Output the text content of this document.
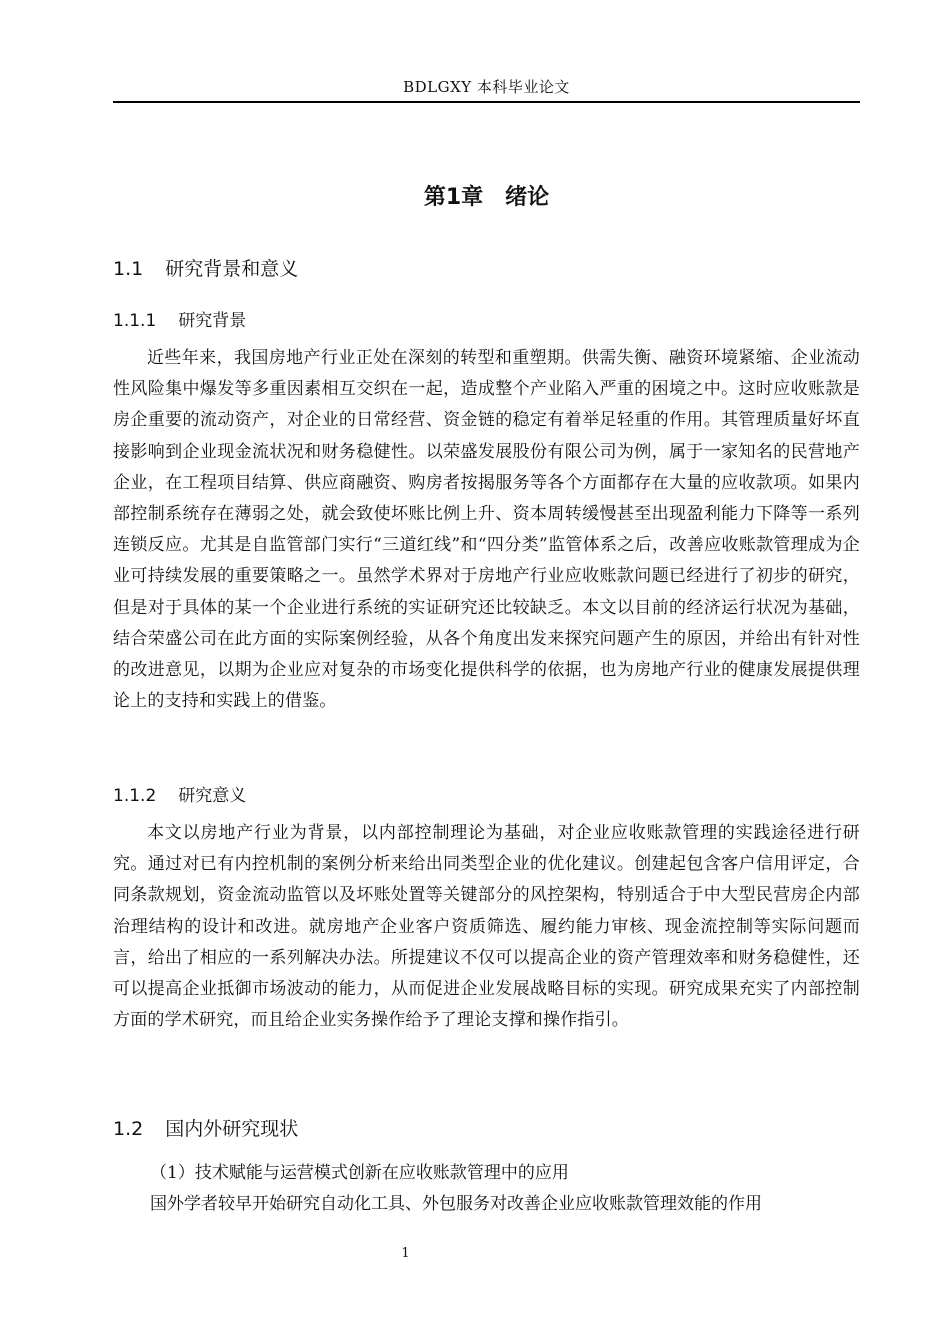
BDLGXY 本科毕业论文
第1章　绪论
1.1 研究背景和意义
1.1.1 研究背景

近些年来，我国房地产行业正处在深刻的转型和重塑期。供需失衡、融资环境紧缩、企业流动性风险集中爆发等多重因素相互交织在一起，造成整个产业陷入严重的困境之中。这时应收账款是房企重要的流动资产，对企业的日常经营、资金链的稳定有着举足轻重的作用。其管理质量好坏直接影响到企业现金流状况和财务稳健性。以荣盛发展股份有限公司为例，属于一家知名的民营地产企业，在工程项目结算、供应商融资、购房者按揭服务等各个方面都存在大量的应收款项。如果内部控制系统存在薄弱之处，就会致使坏账比例上升、资本周转缓慢甚至出现盈利能力下降等一系列连锁反应。尤其是自监管部门实行“三道红线”和“四分类”监管体系之后，改善应收账款管理成为企业可持续发展的重要策略之一。虽然学术界对于房地产行业应收账款问题已经进行了初步的研究，但是对于具体的某一个企业进行系统的实证研究还比较缺乏。本文以目前的经济运行状况为基础，结合荣盛公司在此方面的实际案例经验，从各个角度出发来探究问题产生的原因，并给出有针对性的改进意见，以期为企业应对复杂的市场变化提供科学的依据，也为房地产行业的健康发展提供理论上的支持和实践上的借鉴。

1.1.2 研究意义

本文以房地产行业为背景，以内部控制理论为基础，对企业应收账款管理的实践途径进行研究。通过对已有内控机制的案例分析来给出同类型企业的优化建议。创建起包含客户信用评定，合同条款规划，资金流动监管以及坏账处置等关键部分的风控架构，特别适合于中大型民营房企内部治理结构的设计和改进。就房地产企业客户资质筛选、履约能力审核、现金流控制等实际问题而言，给出了相应的一系列解决办法。所提建议不仅可以提高企业的资产管理效率和财务稳健性，还可以提高企业抵御市场波动的能力，从而促进企业发展战略目标的实现。研究成果充实了内部控制方面的学术研究，而且给企业实务操作给予了理论支撑和操作指引。

1.2 国内外研究现状
（1）技术赋能与运营模式创新在应收账款管理中的应用
国外学者较早开始研究自动化工具、外包服务对改善企业应收账款管理效能的作用
1
